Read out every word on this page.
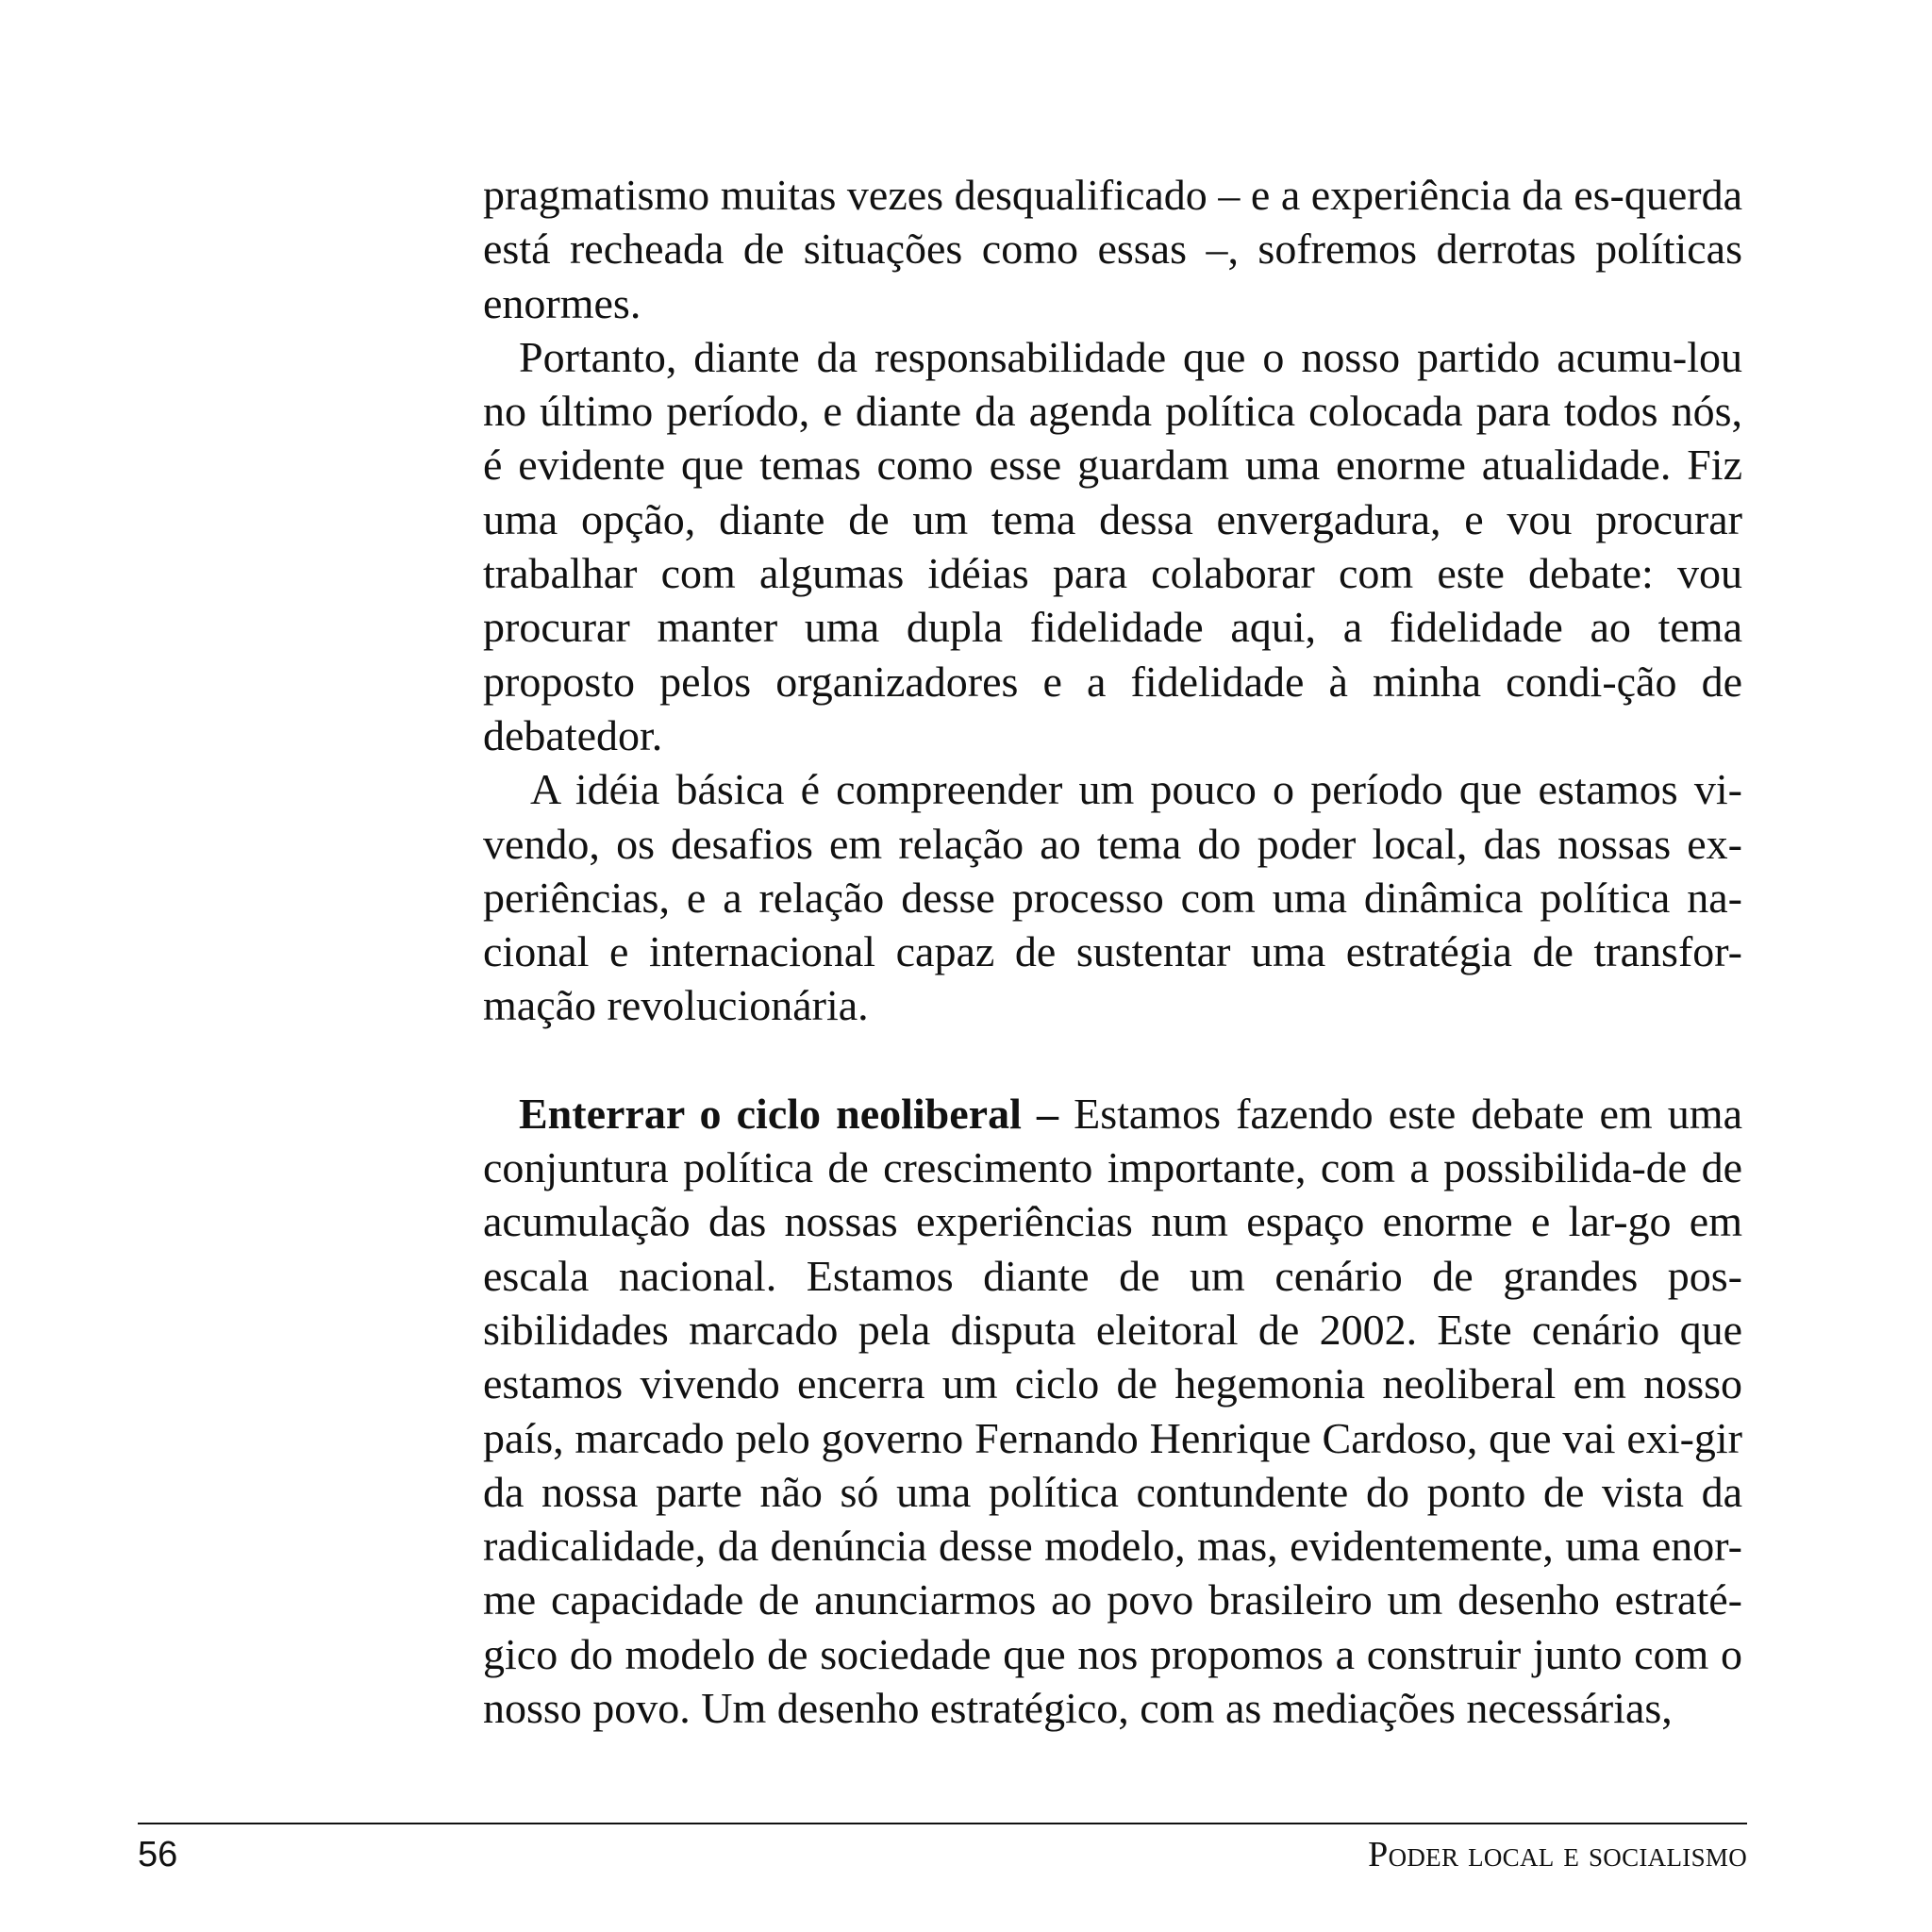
pragmatismo muitas vezes desqualificado – e a experiência da es-querda está recheada de situações como essas –, sofremos derrotas políticas enormes.

Portanto, diante da responsabilidade que o nosso partido acumu-lou no último período, e diante da agenda política colocada para todos nós, é evidente que temas como esse guardam uma enorme atualidade. Fiz uma opção, diante de um tema dessa envergadura, e vou procurar trabalhar com algumas idéias para colaborar com este debate: vou procurar manter uma dupla fidelidade aqui, a fidelidade ao tema proposto pelos organizadores e a fidelidade à minha condi-ção de debatedor.

A idéia básica é compreender um pouco o período que estamos vi-vendo, os desafios em relação ao tema do poder local, das nossas ex-periências, e a relação desse processo com uma dinâmica política na-cional e internacional capaz de sustentar uma estratégia de transfor-mação revolucionária.

Enterrar o ciclo neoliberal – Estamos fazendo este debate em uma conjuntura política de crescimento importante, com a possibilida-de de acumulação das nossas experiências num espaço enorme e lar-go em escala nacional. Estamos diante de um cenário de grandes pos-sibilidades marcado pela disputa eleitoral de 2002. Este cenário que estamos vivendo encerra um ciclo de hegemonia neoliberal em nosso país, marcado pelo governo Fernando Henrique Cardoso, que vai exi-gir da nossa parte não só uma política contundente do ponto de vista da radicalidade, da denúncia desse modelo, mas, evidentemente, uma enor-me capacidade de anunciarmos ao povo brasileiro um desenho estraté-gico do modelo de sociedade que nos propomos a construir junto com o nosso povo. Um desenho estratégico, com as mediações necessárias,

56	Poder local e socialismo
